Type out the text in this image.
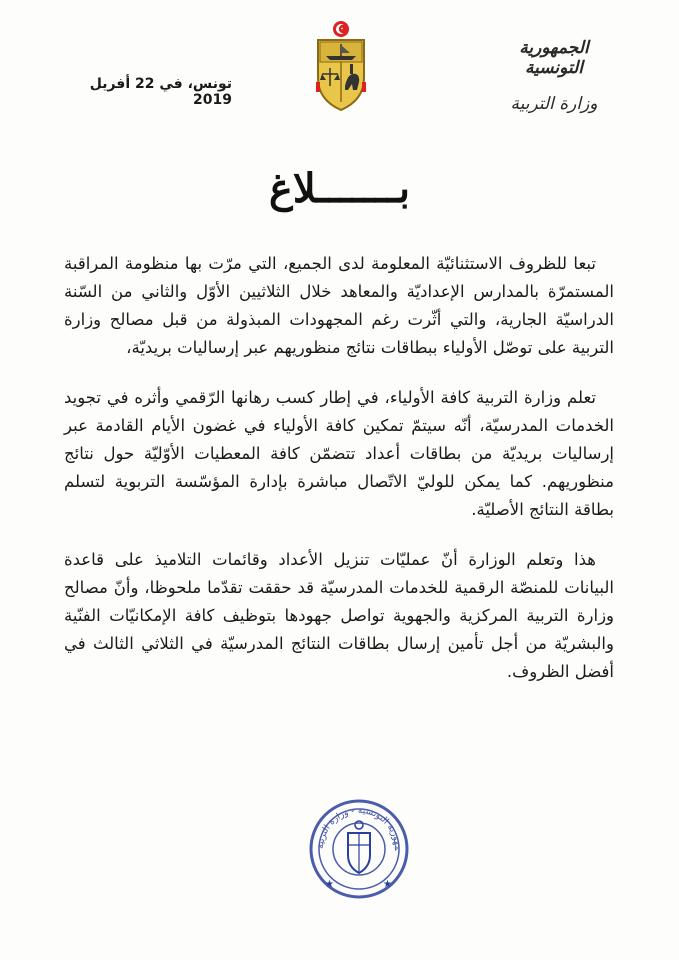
الجمهورية التونسية
وزارة التربية
تونس، في 22 أفريل 2019
بـــــــلاغ

تبعا للظروف الاستثنائيّة المعلومة لدى الجميع، التي مرّت بها منظومة المراقبة المستمرّة بالمدارس الإعداديّة والمعاهد خلال الثلاثيين الأوّل والثاني من السّنة الدراسيّة الجارية، والتي أثّرت رغم المجهودات المبذولة من قبل مصالح وزارة التربية على توصّل الأولياء ببطاقات نتائج منظوريهم عبر إرساليات بريديّة،

تعلم وزارة التربية كافة الأولياء، في إطار كسب رهانها الرّقمي وأثره في تجويد الخدمات المدرسيّة، أنّه سيتمّ تمكين كافة الأولياء في غضون الأيام القادمة عبر إرساليات بريديّة من بطاقات أعداد تتضمّن كافة المعطيات الأوّليّة حول نتائج منظوريهم. كما يمكن للوليّ الاتّصال مباشرة بإدارة المؤسّسة التربوية لتسلم بطاقة النتائج الأصليّة.

هذا وتعلم الوزارة أنّ عمليّات تنزيل الأعداد وقائمات التلاميذ على قاعدة البيانات للمنصّة الرقمية للخدمات المدرسيّة قد حققت تقدّما ملحوظا، وأنّ مصالح وزارة التربية المركزية والجهوية تواصل جهودها بتوظيف كافة الإمكانيّات الفنّية والبشريّة من أجل تأمين إرسال بطاقات النتائج المدرسيّة في الثلاثي الثالث في أفضل الظروف.

مهورية التونسية - وزارة التربية
★	★
